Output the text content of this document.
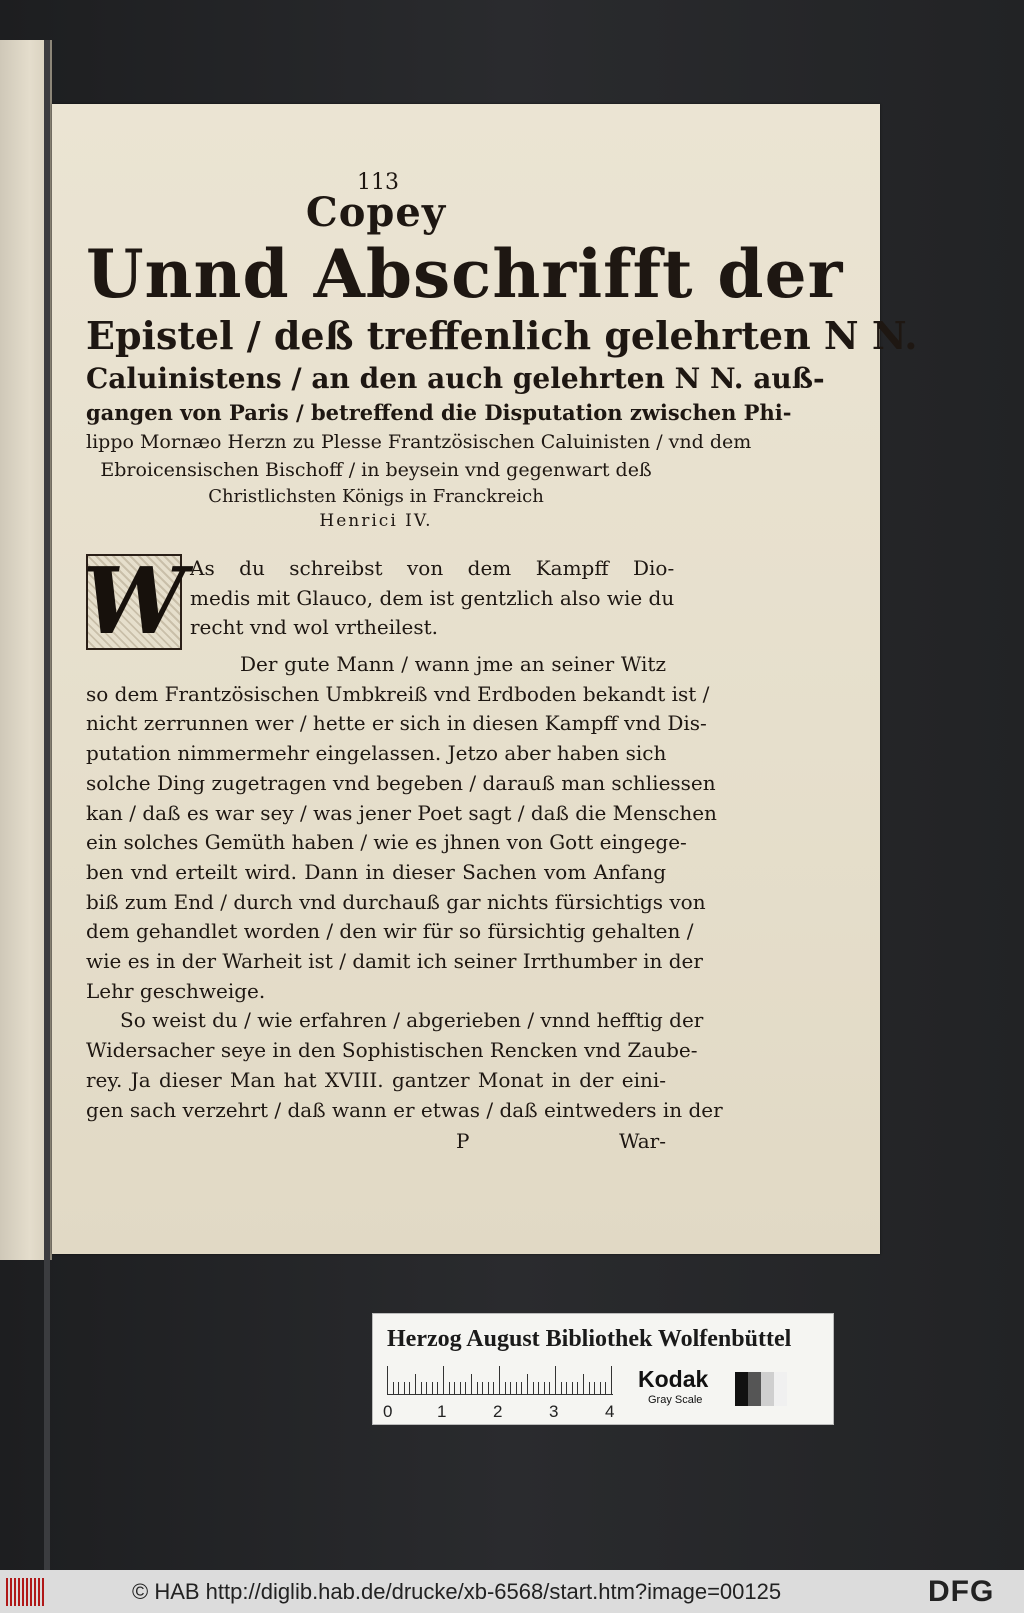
113
Copey
Unnd Abschrifft der
Epistel / deß treffenlich gelehrten N N.
Caluinistens / an den auch gelehrten N N. auß-
gangen von Paris / betreffend die Disputation zwischen Phi-
lippo Mornæo Herzn zu Plesse Frantzösischen Caluinisten / vnd dem
Ebroicensischen Bischoff / in beysein vnd gegenwart deß
Christlichsten Königs in Franckreich
Henrici IV.
W As du schreibst von dem Kampff Dio-
medis mit Glauco, dem ist gentzlich also wie du
recht vnd wol vrtheilest.
Der gute Mann / wann jme an seiner Witz
so dem Frantzösischen Umbkreiß vnd Erdboden bekandt ist /
nicht zerrunnen wer / hette er sich in diesen Kampff vnd Dis-
putation nimmermehr eingelassen. Jetzo aber haben sich
solche Ding zugetragen vnd begeben / darauß man schliessen
kan / daß es war sey / was jener Poet sagt / daß die Menschen
ein solches Gemüth haben / wie es jhnen von Gott eingege-
ben vnd erteilt wird. Dann in dieser Sachen vom Anfang
biß zum End / durch vnd durchauß gar nichts fürsichtigs von
dem gehandlet worden / den wir für so fürsichtig gehalten /
wie es in der Warheit ist / damit ich seiner Irrthumber in der
Lehr geschweige.
So weist du / wie erfahren / abgerieben / vnnd hefftig der
Widersacher seye in den Sophistischen Rencken vnd Zaube-
rey. Ja dieser Man hat XVIII. gantzer Monat in der eini-
gen sach verzehrt / daß wann er etwas / daß eintweders in der
P	War-
Herzog August Bibliothek Wolfenbüttel
0	1	2	3	4
Kodak
Gray Scale
© HAB http://diglib.hab.de/drucke/xb-6568/start.htm?image=00125	DFG
